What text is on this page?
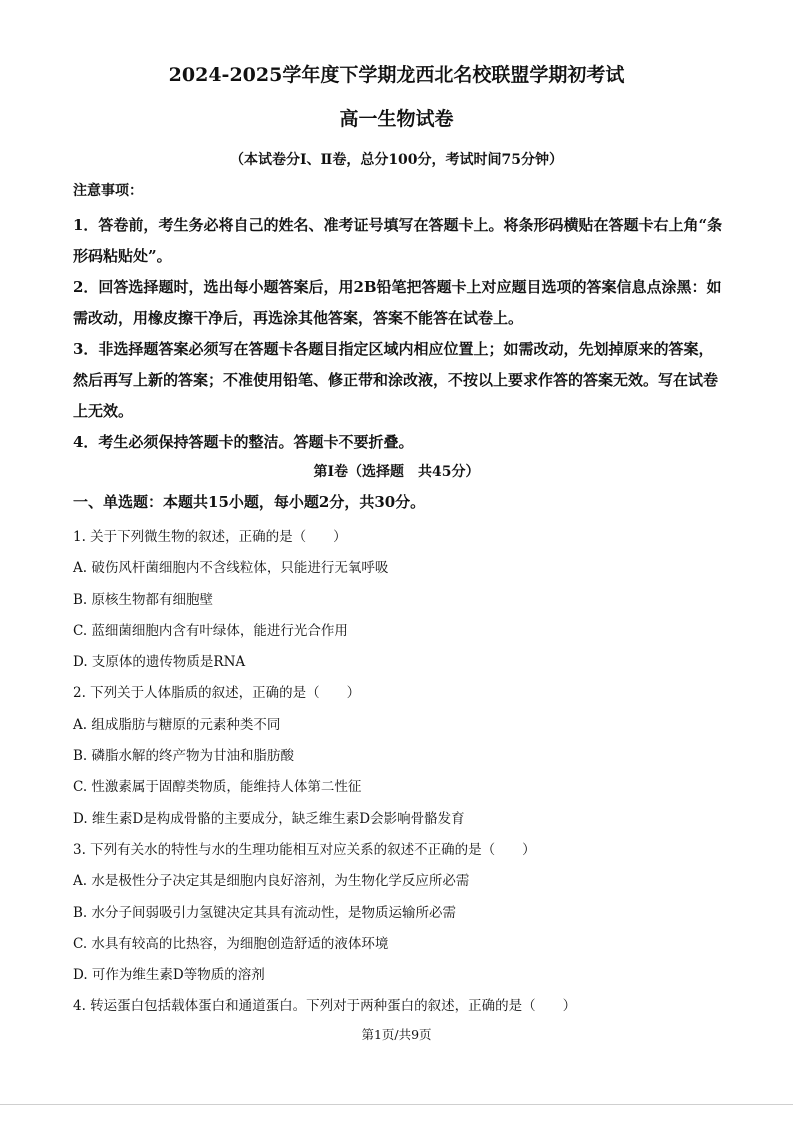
2024-2025学年度下学期龙西北名校联盟学期初考试
高一生物试卷
（本试卷分Ⅰ、Ⅱ卷，总分100分，考试时间75分钟）
注意事项：

1．答卷前，考生务必将自己的姓名、准考证号填写在答题卡上。将条形码横贴在答题卡右上角“条形码粘贴处”。

2．回答选择题时，选出每小题答案后，用2B铅笔把答题卡上对应题目选项的答案信息点涂黑：如需改动，用橡皮擦干净后，再选涂其他答案，答案不能答在试卷上。

3．非选择题答案必须写在答题卡各题目指定区域内相应位置上；如需改动，先划掉原来的答案，然后再写上新的答案；不准使用铅笔、修正带和涂改液，不按以上要求作答的答案无效。写在试卷上无效。

4．考生必须保持答题卡的整洁。答题卡不要折叠。

第Ⅰ卷（选择题　共45分）
一、单选题：本题共15小题，每小题2分，共30分。
1. 关于下列微生物的叙述，正确的是（　　）
A. 破伤风杆菌细胞内不含线粒体，只能进行无氧呼吸
B. 原核生物都有细胞壁
C. 蓝细菌细胞内含有叶绿体，能进行光合作用
D. 支原体的遗传物质是RNA
2. 下列关于人体脂质的叙述，正确的是（　　）
A. 组成脂肪与糖原的元素种类不同
B. 磷脂水解的终产物为甘油和脂肪酸
C. 性激素属于固醇类物质，能维持人体第二性征
D. 维生素D是构成骨骼的主要成分，缺乏维生素D会影响骨骼发育
3. 下列有关水的特性与水的生理功能相互对应关系的叙述不正确的是（　　）
A. 水是极性分子决定其是细胞内良好溶剂，为生物化学反应所必需
B. 水分子间弱吸引力氢键决定其具有流动性，是物质运输所必需
C. 水具有较高的比热容，为细胞创造舒适的液体环境
D. 可作为维生素D等物质的溶剂
4. 转运蛋白包括载体蛋白和通道蛋白。下列对于两种蛋白的叙述，正确的是（　　）
第1页/共9页
